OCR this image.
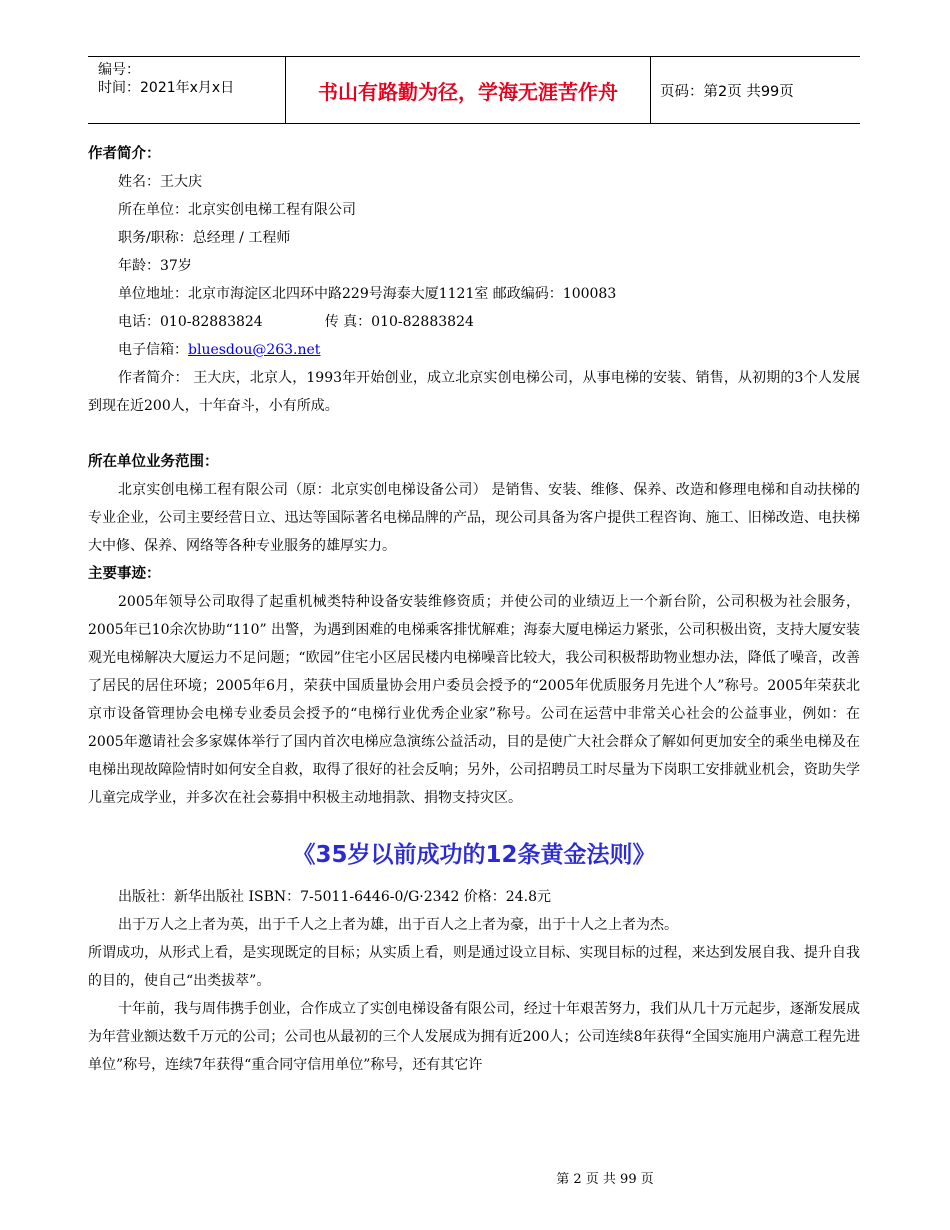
编号：
时间：2021年x月x日	书山有路勤为径，学海无涯苦作舟	页码：第2页 共99页
作者简介：
姓名：王大庆
所在单位：北京实创电梯工程有限公司
职务/职称：总经理 / 工程师
年龄：37岁
单位地址：北京市海淀区北四环中路229号海泰大厦1121室 邮政编码：100083
电话：010-82883824	传 真：010-82883824
电子信箱：bluesdou@263.net
作者简介： 王大庆，北京人，1993年开始创业，成立北京实创电梯公司，从事电梯的安装、销售，从初期的3个人发展到现在近200人，十年奋斗，小有所成。
所在单位业务范围：
北京实创电梯工程有限公司（原：北京实创电梯设备公司） 是销售、安装、维修、保养、改造和修理电梯和自动扶梯的专业企业，公司主要经营日立、迅达等国际著名电梯品牌的产品，现公司具备为客户提供工程咨询、施工、旧梯改造、电扶梯大中修、保养、网络等各种专业服务的雄厚实力。
主要事迹：
2005年领导公司取得了起重机械类特种设备安装维修资质；并使公司的业绩迈上一个新台阶，公司积极为社会服务，2005年已10余次协助“110” 出警，为遇到困难的电梯乘客排忧解难；海泰大厦电梯运力紧张，公司积极出资，支持大厦安装观光电梯解决大厦运力不足问题；“欧园”住宅小区居民楼内电梯噪音比较大，我公司积极帮助物业想办法，降低了噪音，改善了居民的居住环境；2005年6月，荣获中国质量协会用户委员会授予的“2005年优质服务月先进个人”称号。2005年荣获北京市设备管理协会电梯专业委员会授予的“电梯行业优秀企业家”称号。公司在运营中非常关心社会的公益事业，例如：在2005年邀请社会多家媒体举行了国内首次电梯应急演练公益活动，目的是使广大社会群众了解如何更加安全的乘坐电梯及在电梯出现故障险情时如何安全自救，取得了很好的社会反响；另外，公司招聘员工时尽量为下岗职工安排就业机会，资助失学儿童完成学业，并多次在社会募捐中积极主动地捐款、捐物支持灾区。
《35岁以前成功的12条黄金法则》
出版社：新华出版社 ISBN：7-5011-6446-0/G·2342 价格：24.8元
出于万人之上者为英，出于千人之上者为雄，出于百人之上者为豪，出于十人之上者为杰。
所谓成功，从形式上看，是实现既定的目标；从实质上看，则是通过设立目标、实现目标的过程，来达到发展自我、提升自我的目的，使自己“出类拔萃”。
十年前，我与周伟携手创业，合作成立了实创电梯设备有限公司，经过十年艰苦努力，我们从几十万元起步，逐渐发展成为年营业额达数千万元的公司；公司也从最初的三个人发展成为拥有近200人；公司连续8年获得“全国实施用户满意工程先进单位”称号，连续7年获得“重合同守信用单位”称号，还有其它许
第 2 页 共 99 页
